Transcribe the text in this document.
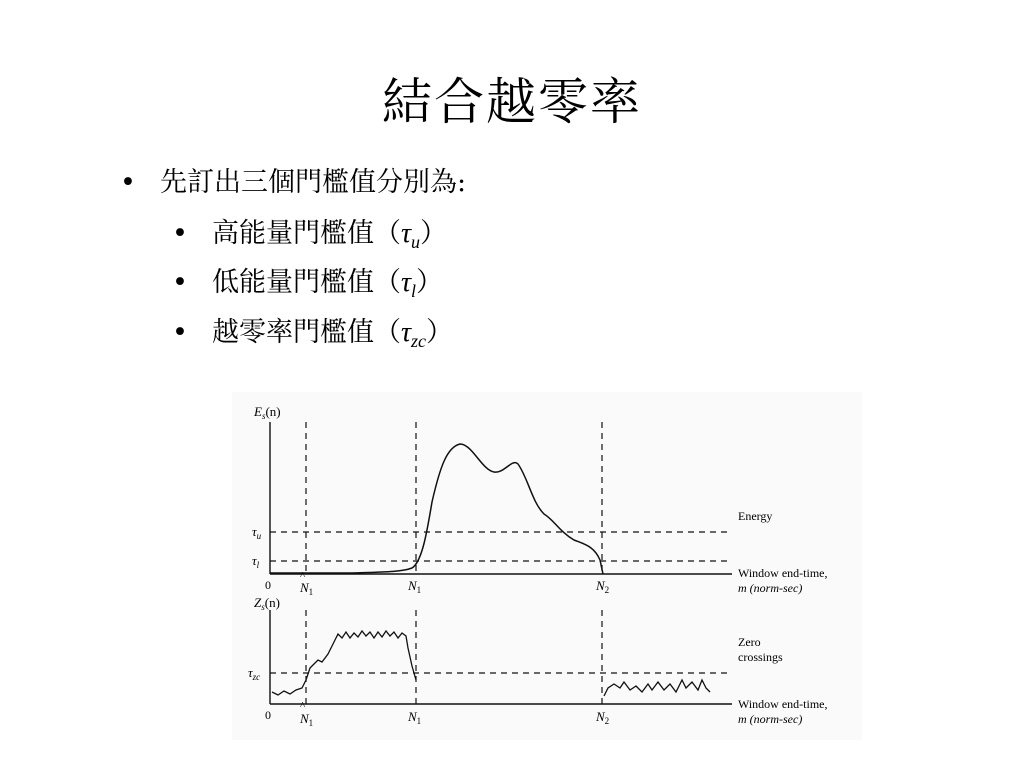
結合越零率
• 先訂出三個門檻值分別為:
• 高能量門檻值$(\tau_u)$
• 低能量門檻值$(\tau_l)$
• 越零率門檻值$(\tau_{zc})$
$E_s(n)$
$\tau_u$
$\tau_l$
0
^
$N_1$	$N_1$	$N_2$
Energy
Window end-time,
m (norm-sec)
$Z_s(n)$
$\tau_{zc}$
0
^
$N_1$	$N_1$	$N_2$
Zero
crossings
Window end-time,
m (norm-sec)
